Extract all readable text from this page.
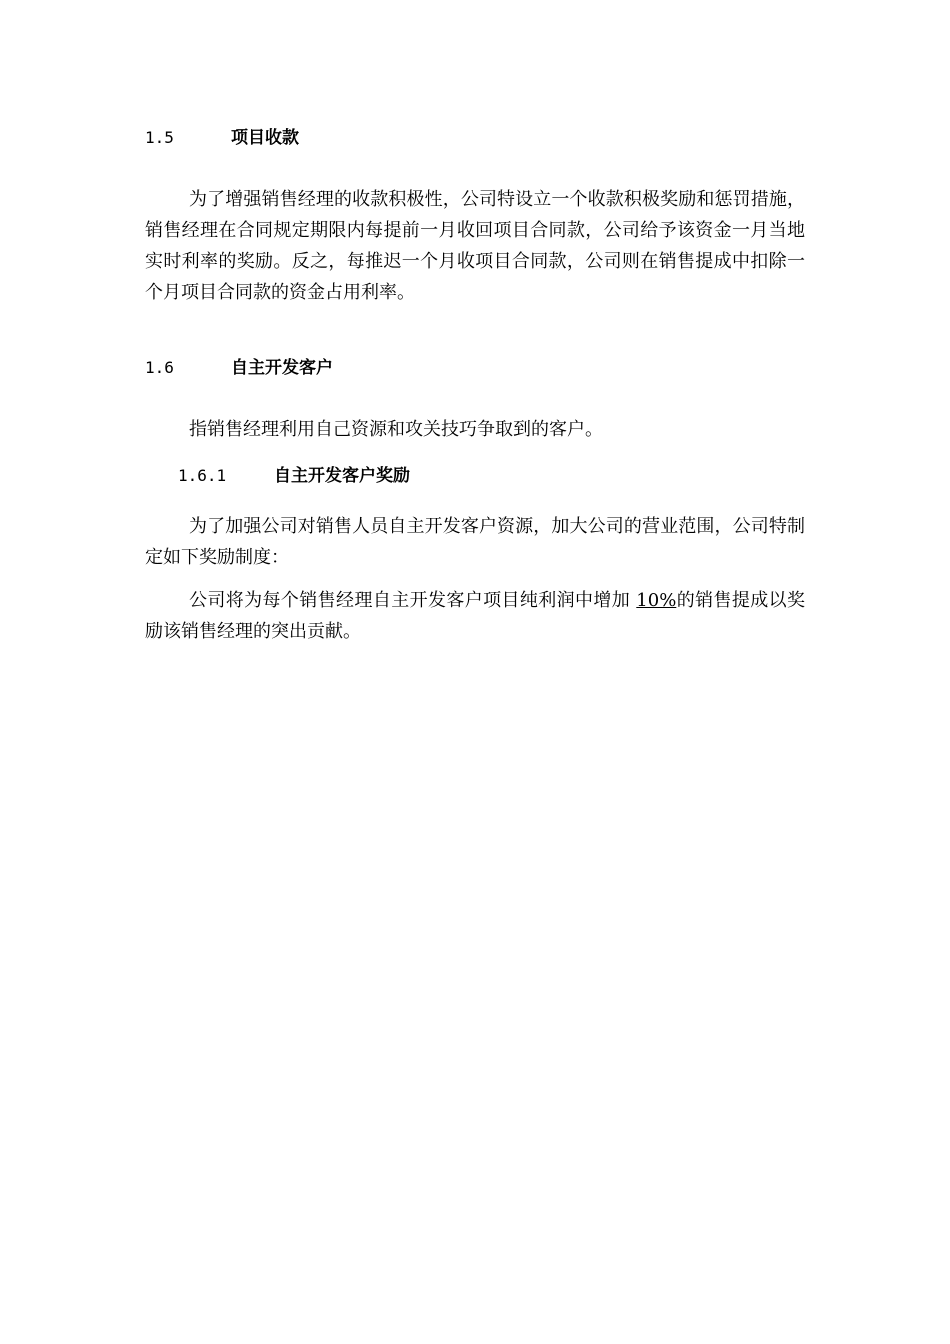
1.5	项目收款

为了增强销售经理的收款积极性，公司特设立一个收款积极奖励和惩罚措施，销售经理在合同规定期限内每提前一月收回项目合同款，公司给予该资金一月当地实时利率的奖励。反之，每推迟一个月收项目合同款，公司则在销售提成中扣除一个月项目合同款的资金占用利率。

1.6	自主开发客户

指销售经理利用自己资源和攻关技巧争取到的客户。

1.6.1	自主开发客户奖励

为了加强公司对销售人员自主开发客户资源，加大公司的营业范围，公司特制定如下奖励制度：

公司将为每个销售经理自主开发客户项目纯利润中增加 10%的销售提成以奖励该销售经理的突出贡献。
